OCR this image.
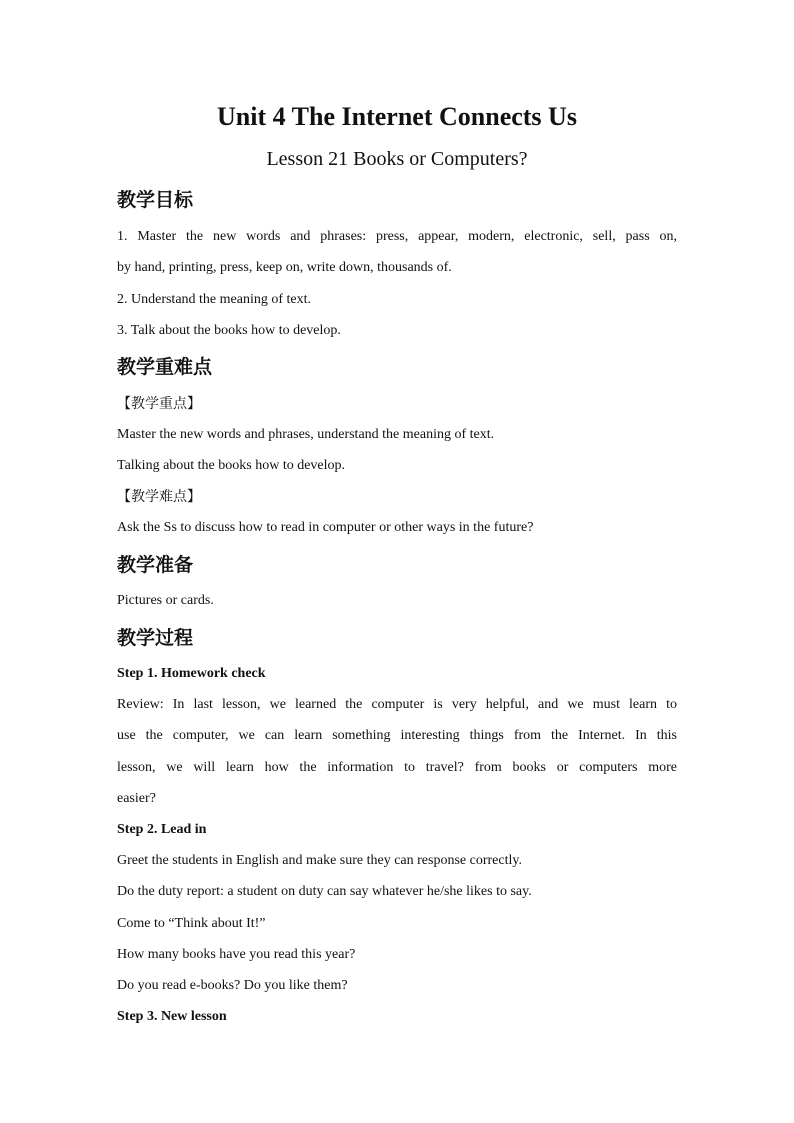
Unit 4 The Internet Connects Us
Lesson 21 Books or Computers?
教学目标
1. Master the new words and phrases: press, appear, modern, electronic, sell, pass on,
by hand, printing, press, keep on, write down, thousands of.
2. Understand the meaning of text.
3. Talk about the books how to develop.
教学重难点
【教学重点】
Master the new words and phrases, understand the meaning of text.
Talking about the books how to develop.
【教学难点】
Ask the Ss to discuss how to read in computer or other ways in the future?
教学准备
Pictures or cards.
教学过程
Step 1. Homework check
Review: In last lesson, we learned the computer is very helpful, and we must learn to
use the computer, we can learn something interesting things from the Internet. In this
lesson, we will learn how the information to travel? from books or computers more
easier?
Step 2. Lead in
Greet the students in English and make sure they can response correctly.
Do the duty report: a student on duty can say whatever he/she likes to say.
Come to “Think about It!”
How many books have you read this year?
Do you read e-books? Do you like them?
Step 3. New lesson
